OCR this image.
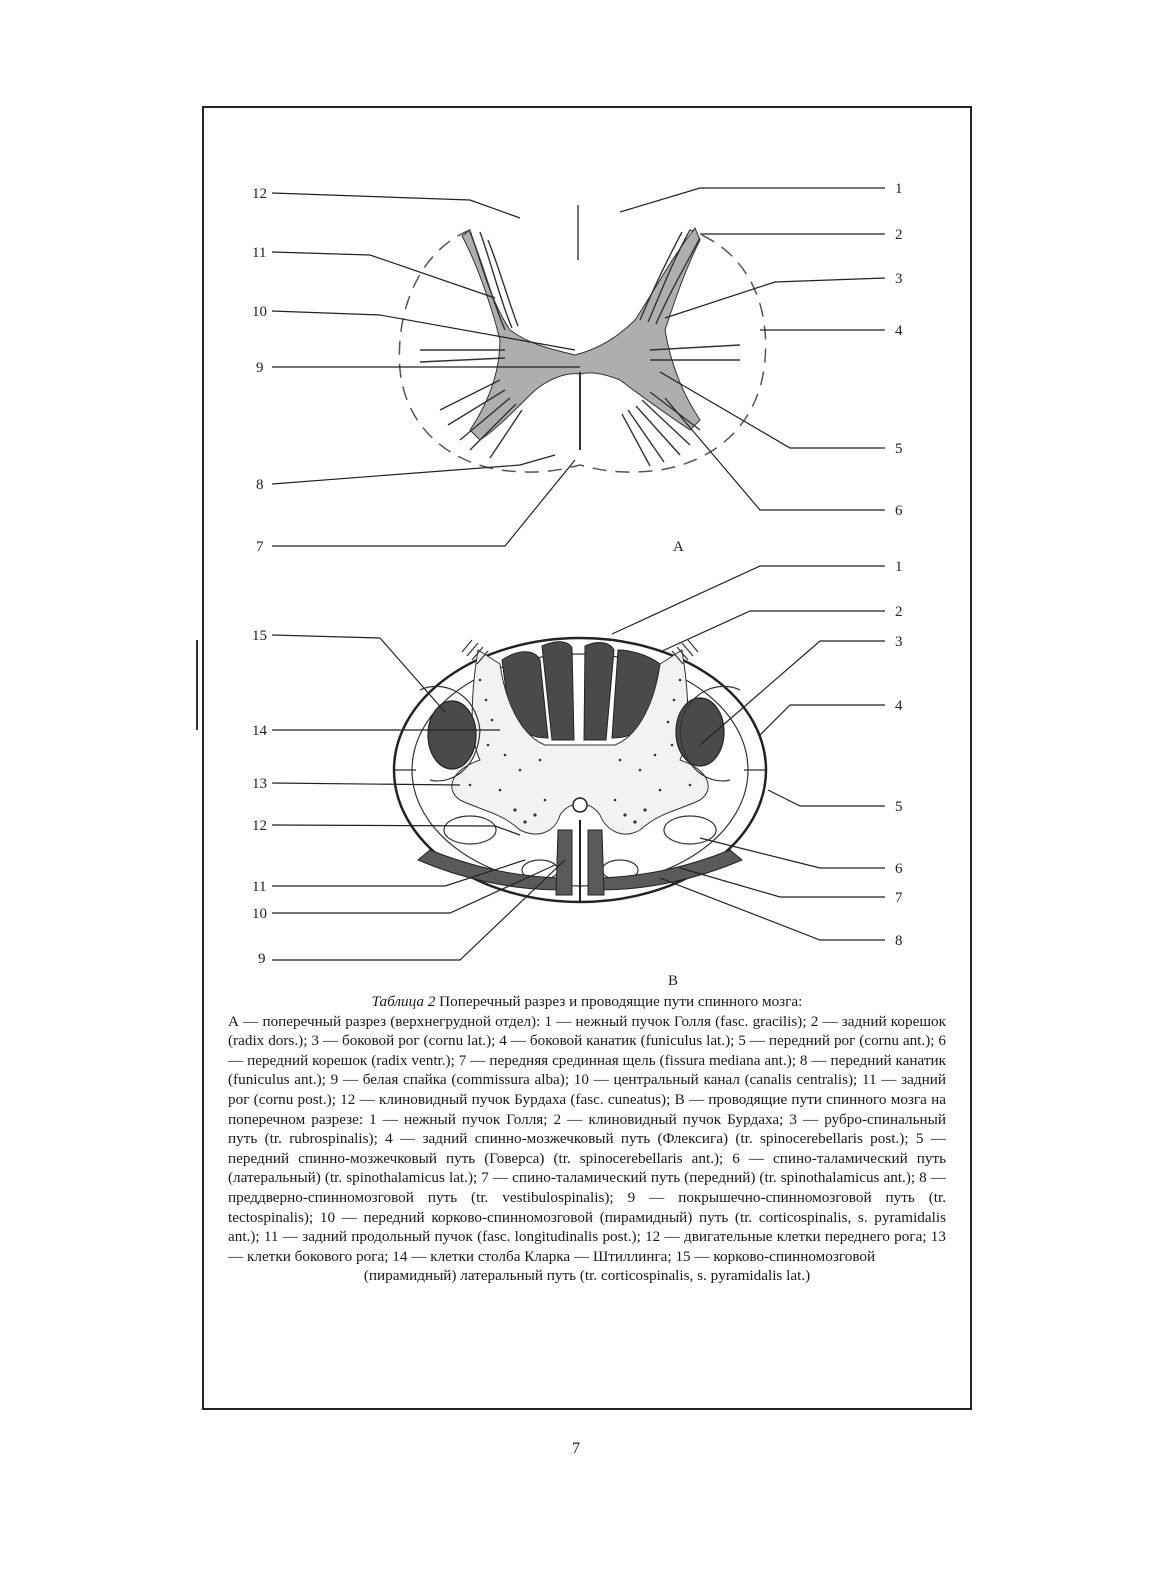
12
11
10
9
8
7
1
2
3
4
5
6
А
15
14
13
12
11
10
9
1
2
3
4
5
6
7
8
В
Таблица 2 Поперечный разрез и проводящие пути спинного мозга:
А — поперечный разрез (верхнегрудной отдел): 1 — нежный пучок Голля (fasc. gracilis); 2 — задний корешок (radix dors.); 3 — боковой рог (cornu lat.); 4 — боковой канатик (funiculus lat.); 5 — передний рог (cornu ant.); 6 — передний корешок (radix ventr.); 7 — передняя срединная щель (fissura mediana ant.); 8 — передний канатик (funiculus ant.); 9 — белая спайка (commissura alba); 10 — центральный канал (canalis centralis); 11 — задний рог (cornu post.); 12 — клиновидный пучок Бурдаха (fasc. cuneatus); В — проводящие пути спинного мозга на поперечном разрезе: 1 — нежный пучок Голля; 2 — клиновидный пучок Бурдаха; 3 — рубро-спинальный путь (tr. rubrospinalis); 4 — задний спинно-мозжечковый путь (Флексига) (tr. spinocerebellaris post.); 5 — передний спинно-мозжечковый путь (Говерса) (tr. spinocerebellaris ant.); 6 — спино-таламический путь (латеральный) (tr. spinothalamicus lat.); 7 — спино-таламический путь (передний) (tr. spinothalamicus ant.); 8 — преддверно-спинномозговой путь (tr. vestibulospinalis); 9 — покрышечно-спинномозговой путь (tr. tectospinalis); 10 — передний корково-спинномозговой (пирамидный) путь (tr. corticospinalis, s. pyramidalis ant.); 11 — задний продольный пучок (fasc. longitudinalis post.); 12 — двигательные клетки переднего рога; 13 — клетки бокового рога; 14 — клетки столба Кларка — Штиллинга; 15 — корково-спинномозговой
(пирамидный) латеральный путь (tr. corticospinalis, s. pyramidalis lat.)
7
